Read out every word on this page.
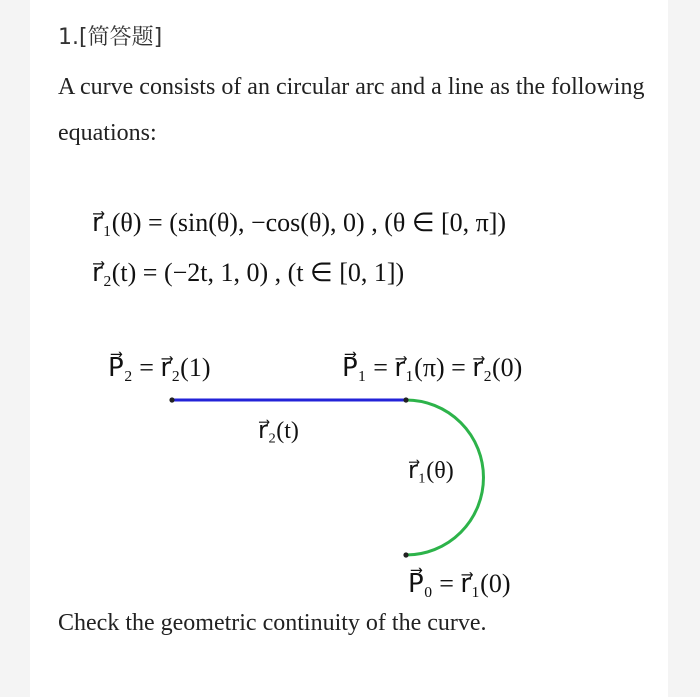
1.[简答题]
A curve consists of an circular arc and a line as the following equations:
r⃗₁(θ) = (sin(θ), −cos(θ), 0) , (θ ∈ [0, π])
r⃗₂(t) = (−2t, 1, 0) , (t ∈ [0, 1])
P⃗₂ = r⃗₂(1)	P⃗₁ = r⃗₁(π) = r⃗₂(0)
r⃗₂(t)
r⃗₁(θ)
P⃗₀ = r⃗₁(0)
Check the geometric continuity of the curve.
